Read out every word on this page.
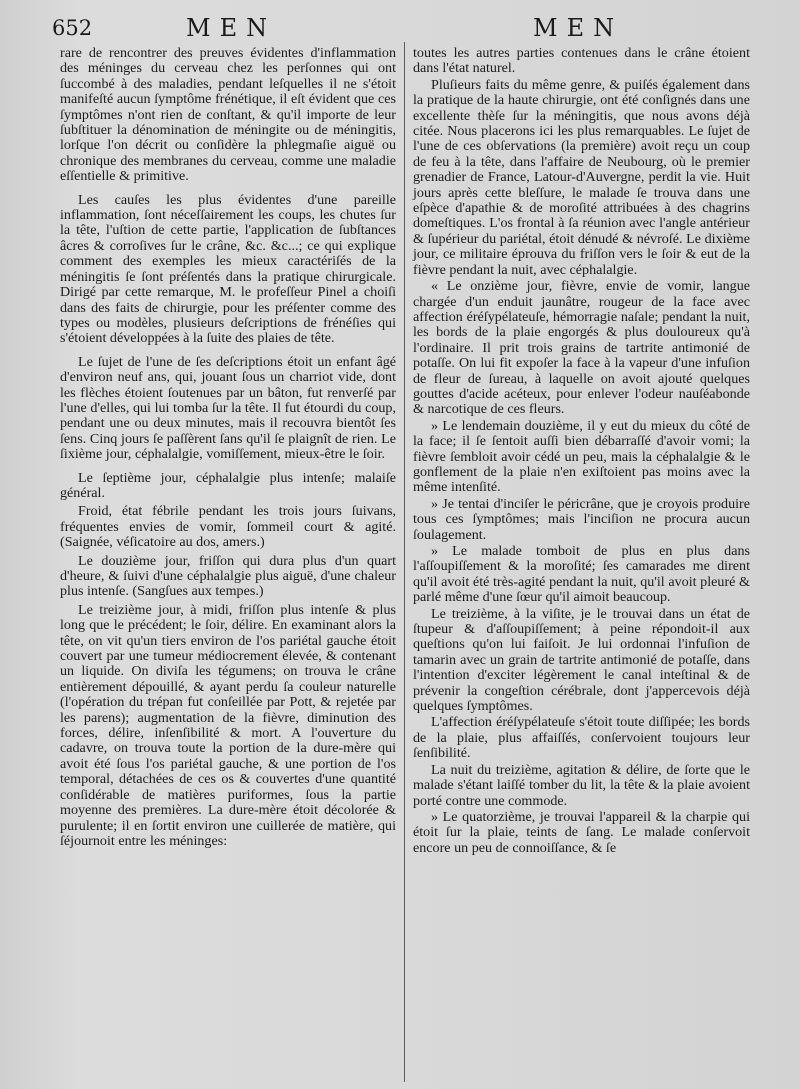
652	MEN	MEN

rare de rencontrer des preuves évidentes d'inflammation des méninges du cerveau chez les perſonnes qui ont ſuccombé à des maladies, pendant leſquelles il ne s'étoit manifeſté aucun ſymptôme frénétique, il eſt évident que ces ſymptômes n'ont rien de conſtant, & qu'il importe de leur ſubſtituer la dénomination de méningite ou de méningitis, lorſque l'on décrit ou conſidère la phlegmaſie aiguë ou chronique des membranes du cerveau, comme une maladie eſſentielle & primitive.

Les cauſes les plus évidentes d'une pareille inflammation, ſont néceſſairement les coups, les chutes ſur la tête, l'uſtion de cette partie, l'application de ſubſtances âcres & corroſives ſur le crâne, &c. &c...; ce qui explique comment des exemples les mieux caractériſés de la méningitis ſe ſont préſentés dans la pratique chirurgicale. Dirigé par cette remarque, M. le profeſſeur Pinel a choiſi dans des faits de chirurgie, pour les préſenter comme des types ou modèles, plusieurs deſcriptions de frénéſies qui s'étoient développées à la ſuite des plaies de tête.

Le ſujet de l'une de ſes deſcriptions étoit un enfant âgé d'environ neuf ans, qui, jouant ſous un charriot vide, dont les flèches étoient ſoutenues par un bâton, fut renverſé par l'une d'elles, qui lui tomba ſur la tête. Il fut étourdi du coup, pendant une ou deux minutes, mais il recouvra bientôt ſes ſens. Cinq jours ſe paſſèrent ſans qu'il ſe plaignît de rien. Le ſixième jour, céphalalgie, vomiſſement, mieux-être le ſoir.

Le ſeptième jour, céphalalgie plus intenſe; malaiſe général.

Froid, état fébrile pendant les trois jours ſuivans, fréquentes envies de vomir, ſommeil court & agité. (Saignée, véſicatoire au dos, amers.)

Le douzième jour, friſſon qui dura plus d'un quart d'heure, & ſuivi d'une céphalalgie plus aiguë, d'une chaleur plus intenſe. (Sangſues aux tempes.)

Le treizième jour, à midi, friſſon plus intenſe & plus long que le précédent; le ſoir, délire. En examinant alors la tête, on vit qu'un tiers environ de l'os pariétal gauche étoit couvert par une tumeur médiocrement élevée, & contenant un liquide. On diviſa les tégumens; on trouva le crâne entièrement dépouillé, & ayant perdu ſa couleur naturelle (l'opération du trépan fut conſeillée par Pott, & rejetée par les parens); augmentation de la fièvre, diminution des forces, délire, inſenſibilité & mort. A l'ouverture du cadavre, on trouva toute la portion de la dure-mère qui avoit été ſous l'os pariétal gauche, & une portion de l'os temporal, détachées de ces os & couvertes d'une quantité conſidérable de matières puriformes, ſous la partie moyenne des premières. La dure-mère étoit décolorée & purulente; il en ſortit environ une cuillerée de matière, qui ſéjournoit entre les méninges:

toutes les autres parties contenues dans le crâne étoient dans l'état naturel.

Pluſieurs faits du même genre, & puiſés également dans la pratique de la haute chirurgie, ont été conſignés dans une excellente thèſe ſur la méningitis, que nous avons déjà citée. Nous placerons ici les plus remarquables. Le ſujet de l'une de ces obſervations (la première) avoit reçu un coup de feu à la tête, dans l'affaire de Neubourg, où le premier grenadier de France, Latour-d'Auvergne, perdit la vie. Huit jours après cette bleſſure, le malade ſe trouva dans une eſpèce d'apathie & de moroſité attribuées à des chagrins domeſtiques. L'os frontal à ſa réunion avec l'angle antérieur & ſupérieur du pariétal, étoit dénudé & névroſé. Le dixième jour, ce militaire éprouva du friſſon vers le ſoir & eut de la fièvre pendant la nuit, avec céphalalgie.

« Le onzième jour, fièvre, envie de vomir, langue chargée d'un enduit jaunâtre, rougeur de la face avec affection éréſypélateuſe, hémorragie naſale; pendant la nuit, les bords de la plaie engorgés & plus douloureux qu'à l'ordinaire. Il prit trois grains de tartrite antimonié de potaſſe. On lui fit expoſer la face à la vapeur d'une infuſion de fleur de ſureau, à laquelle on avoit ajouté quelques gouttes d'acide acéteux, pour enlever l'odeur nauſéabonde & narcotique de ces fleurs.

» Le lendemain douzième, il y eut du mieux du côté de la face; il ſe ſentoit auſſi bien débarraſſé d'avoir vomi; la fièvre ſembloit avoir cédé un peu, mais la céphalalgie & le gonflement de la plaie n'en exiſtoient pas moins avec la même intenſité.

» Je tentai d'inciſer le péricrâne, que je croyois produire tous ces ſymptômes; mais l'inciſion ne procura aucun ſoulagement.

» Le malade tomboit de plus en plus dans l'aſſoupiſſement & la moroſité; ſes camarades me dirent qu'il avoit été très-agité pendant la nuit, qu'il avoit pleuré & parlé même d'une ſœur qu'il aimoit beaucoup.

Le treizième, à la viſite, je le trouvai dans un état de ſtupeur & d'aſſoupiſſement; à peine répondoit-il aux queſtions qu'on lui faiſoit. Je lui ordonnai l'infuſion de tamarin avec un grain de tartrite antimonié de potaſſe, dans l'intention d'exciter légèrement le canal inteſtinal & de prévenir la congeſtion cérébrale, dont j'appercevois déjà quelques ſymptômes.

L'affection éréſypélateuſe s'étoit toute diſſipée; les bords de la plaie, plus affaiſſés, conſervoient toujours leur ſenſibilité.

La nuit du treizième, agitation & délire, de ſorte que le malade s'étant laiſſé tomber du lit, la tête & la plaie avoient porté contre une commode.

» Le quatorzième, je trouvai l'appareil & la charpie qui étoit ſur la plaie, teints de ſang. Le malade conſervoit encore un peu de connoiſſance, & ſe
